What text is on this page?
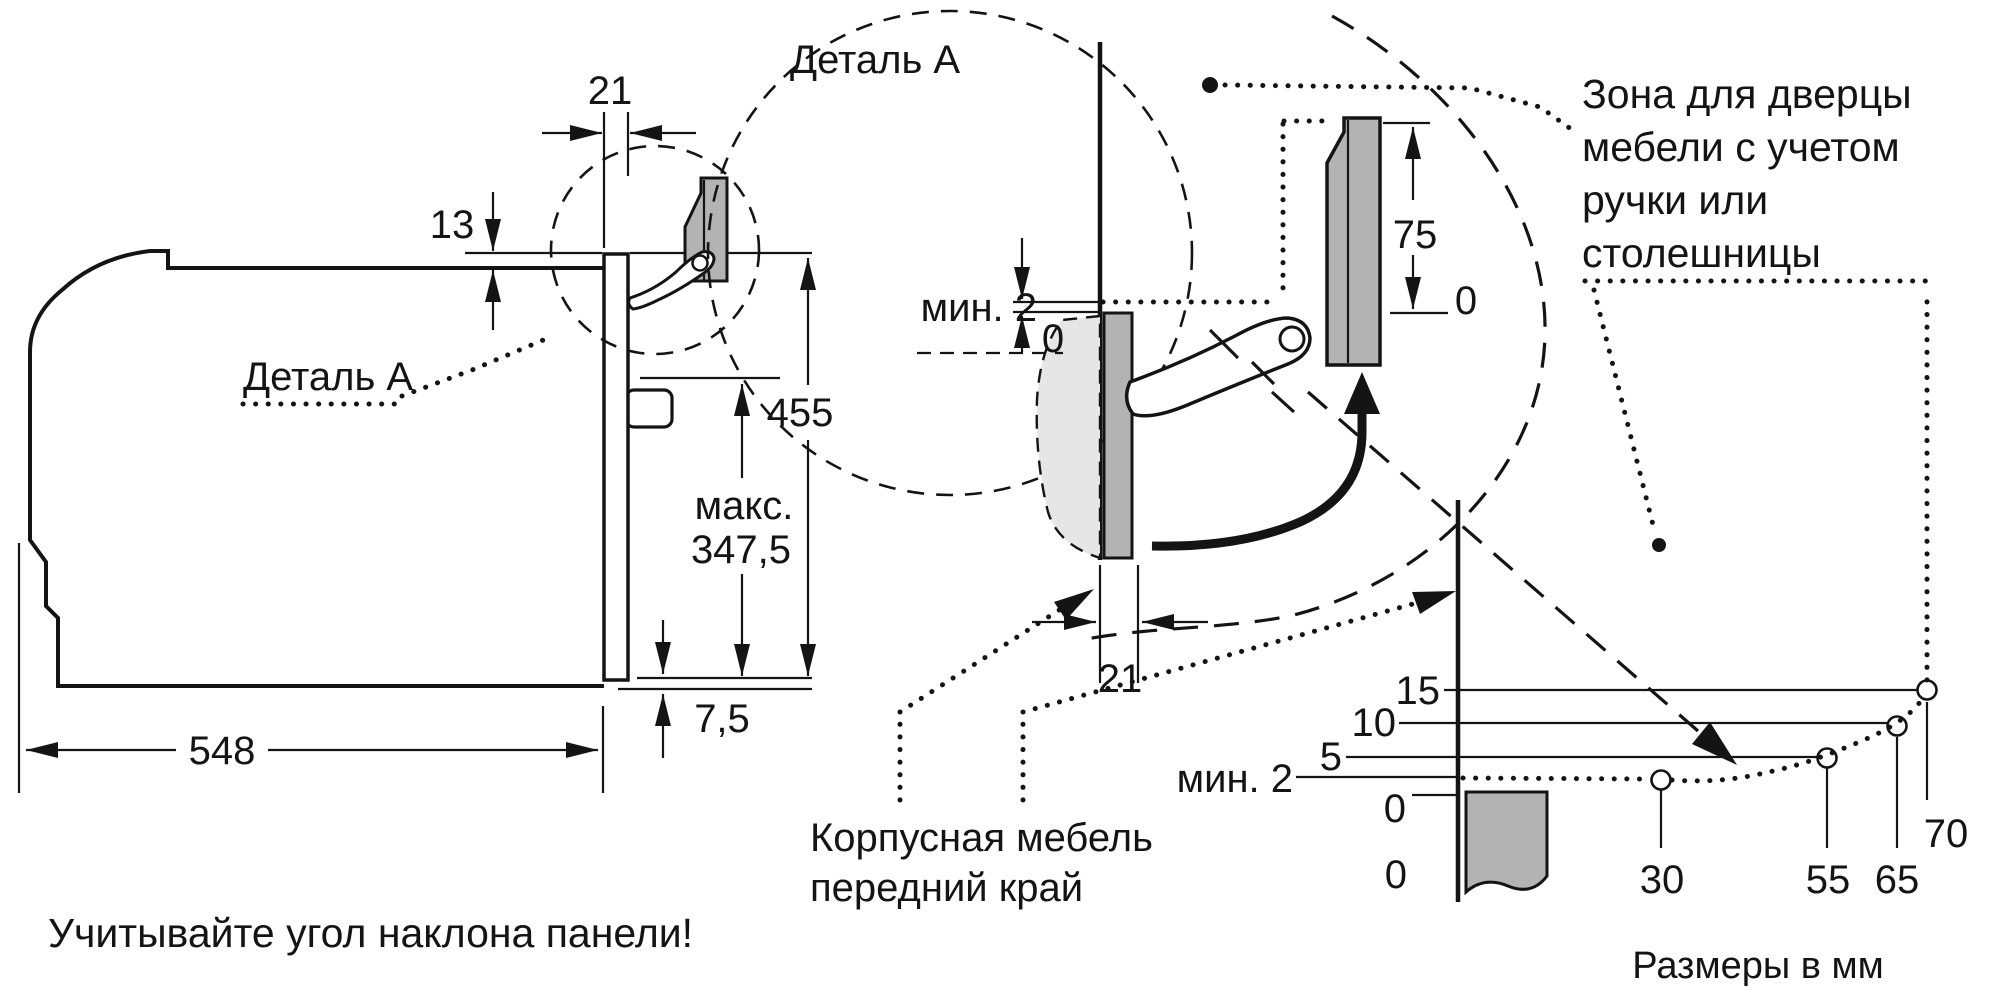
21
13
Деталь A
455
макс.
347,5
7,5
548
Деталь A
мин. 2
0
75
0
21
Зона для дверцы
мебели с учетом
ручки или
столешницы
Корпусная мебель
передний край
15
10
5
мин. 2
0
0	30	55 65
70
Размеры в мм
Учитывайте угол наклона панели!
